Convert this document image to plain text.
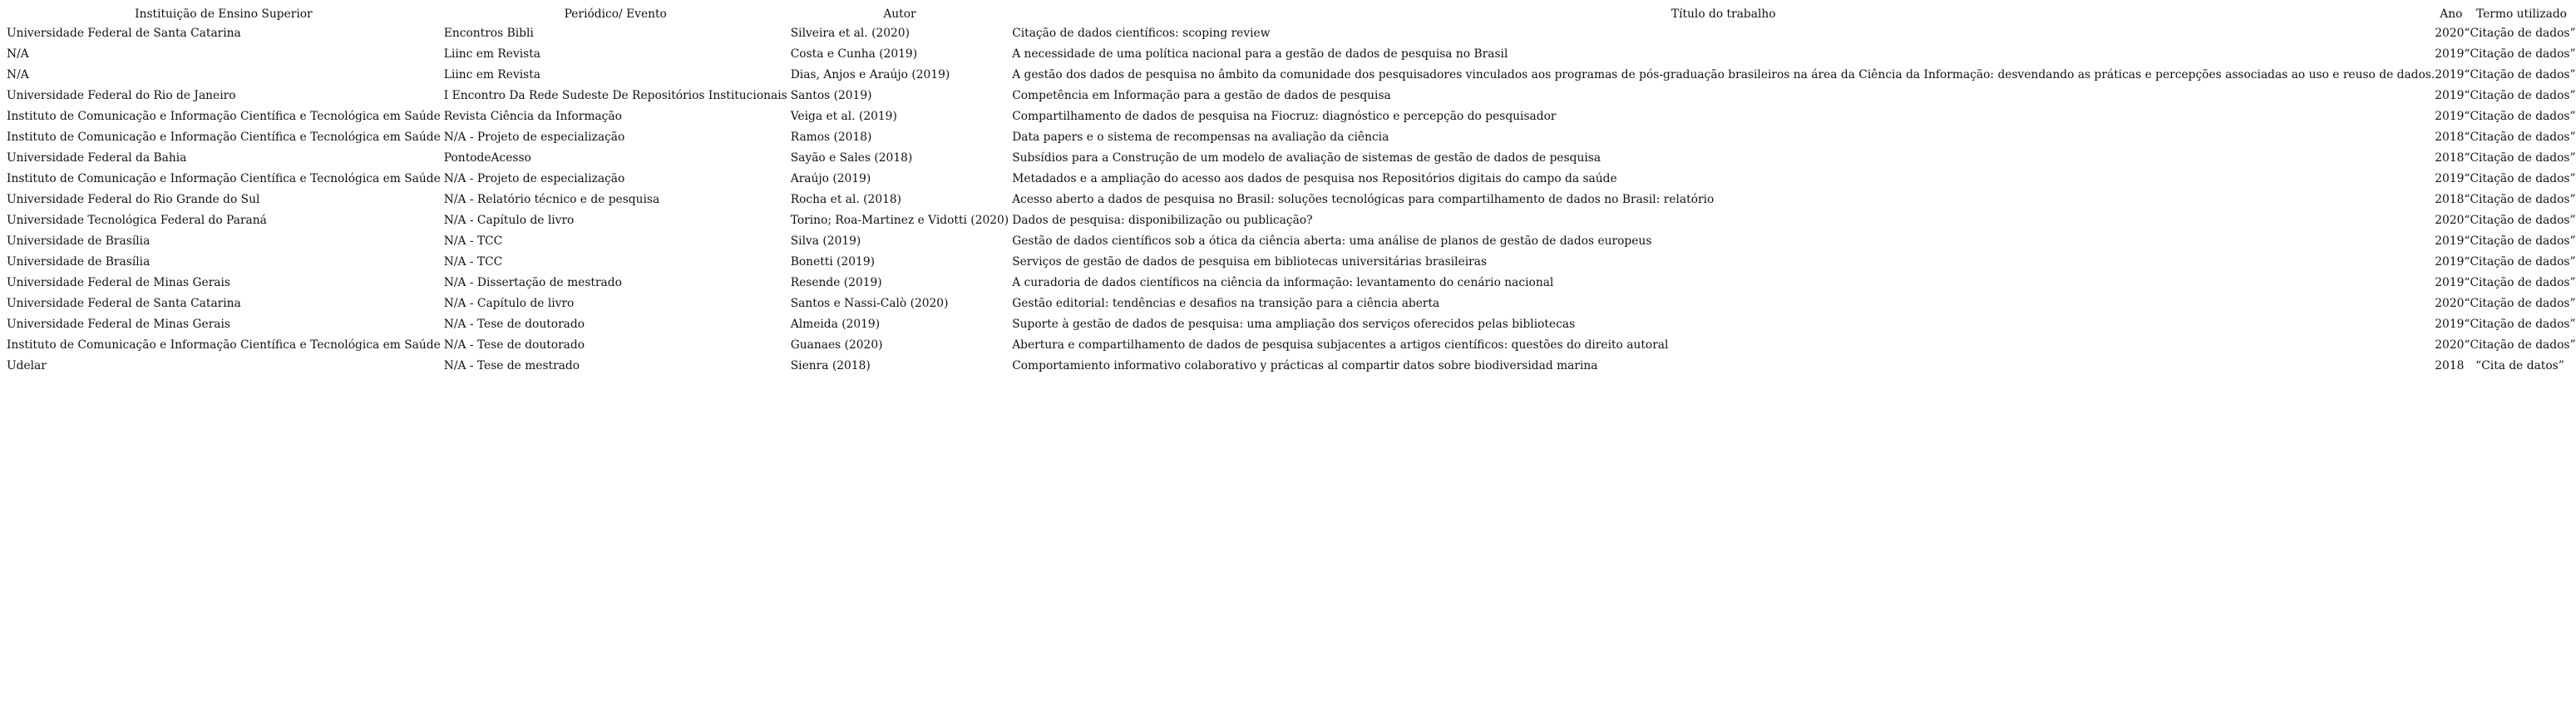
Instituição de Ensino Superior	Periódico/ Evento	Autor	Título do trabalho	Ano	Termo utilizado
Universidade Federal de Santa Catarina	Encontros Bibli	Silveira et al. (2020)	Citação de dados científicos: scoping review	2020	“Citação de dados”
N/A	Liinc em Revista	Costa e Cunha (2019)	A necessidade de uma política nacional para a gestão de dados de pesquisa no Brasil	2019	“Citação de dados”
N/A	Liinc em Revista	Dias, Anjos e Araújo (2019)	A gestão dos dados de pesquisa no âmbito da comunidade dos pesquisadores vinculados aos programas de pós-graduação brasileiros na área da Ciência da Informação: desvendando as práticas e percepções associadas ao uso e reuso de dados.	2019	“Citação de dados”
Universidade Federal do Rio de Janeiro	I Encontro Da Rede Sudeste De Repositórios Institucionais	Santos (2019)	Competência em Informação para a gestão de dados de pesquisa	2019	“Citação de dados”
Instituto de Comunicação e Informação Científica e Tecnológica em Saúde	Revista Ciência da Informação	Veiga et al. (2019)	Compartilhamento de dados de pesquisa na Fiocruz: diagnóstico e percepção do pesquisador	2019	“Citação de dados”
Instituto de Comunicação e Informação Científica e Tecnológica em Saúde	N/A - Projeto de especialização	Ramos (2018)	Data papers e o sistema de recompensas na avaliação da ciência	2018	“Citação de dados”
Universidade Federal da Bahia	PontodeAcesso	Sayão e Sales (2018)	Subsídios para a Construção de um modelo de avaliação de sistemas de gestão de dados de pesquisa	2018	“Citação de dados”
Instituto de Comunicação e Informação Científica e Tecnológica em Saúde	N/A - Projeto de especialização	Araújo (2019)	Metadados e a ampliação do acesso aos dados de pesquisa nos Repositórios digitais do campo da saúde	2019	“Citação de dados”
Universidade Federal do Rio Grande do Sul	N/A - Relatório técnico e de pesquisa	Rocha et al. (2018)	Acesso aberto a dados de pesquisa no Brasil: soluções tecnológicas para compartilhamento de dados no Brasil: relatório	2018	“Citação de dados”
Universidade Tecnológica Federal do Paraná	N/A - Capítulo de livro	Torino; Roa-Martinez e Vidotti (2020)	Dados de pesquisa: disponibilização ou publicação?	2020	“Citação de dados”
Universidade de Brasília	N/A - TCC	Silva (2019)	Gestão de dados científicos sob a ótica da ciência aberta: uma análise de planos de gestão de dados europeus	2019	“Citação de dados”
Universidade de Brasília	N/A - TCC	Bonetti (2019)	Serviços de gestão de dados de pesquisa em bibliotecas universitárias brasileiras	2019	“Citação de dados”
Universidade Federal de Minas Gerais	N/A - Dissertação de mestrado	Resende (2019)	A curadoria de dados científicos na ciência da informação: levantamento do cenário nacional	2019	“Citação de dados”
Universidade Federal de Santa Catarina	N/A - Capítulo de livro	Santos e Nassi-Calò (2020)	Gestão editorial: tendências e desafios na transição para a ciência aberta	2020	“Citação de dados”
Universidade Federal de Minas Gerais	N/A - Tese de doutorado	Almeida (2019)	Suporte à gestão de dados de pesquisa: uma ampliação dos serviços oferecidos pelas bibliotecas	2019	“Citação de dados”
Instituto de Comunicação e Informação Científica e Tecnológica em Saúde	N/A - Tese de doutorado	Guanaes (2020)	Abertura e compartilhamento de dados de pesquisa subjacentes a artigos científicos: questões do direito autoral	2020	“Citação de dados”
Udelar	N/A - Tese de mestrado	Sienra (2018)	Comportamiento informativo colaborativo y prácticas al compartir datos sobre biodiversidad marina	2018	“Cita de datos”
